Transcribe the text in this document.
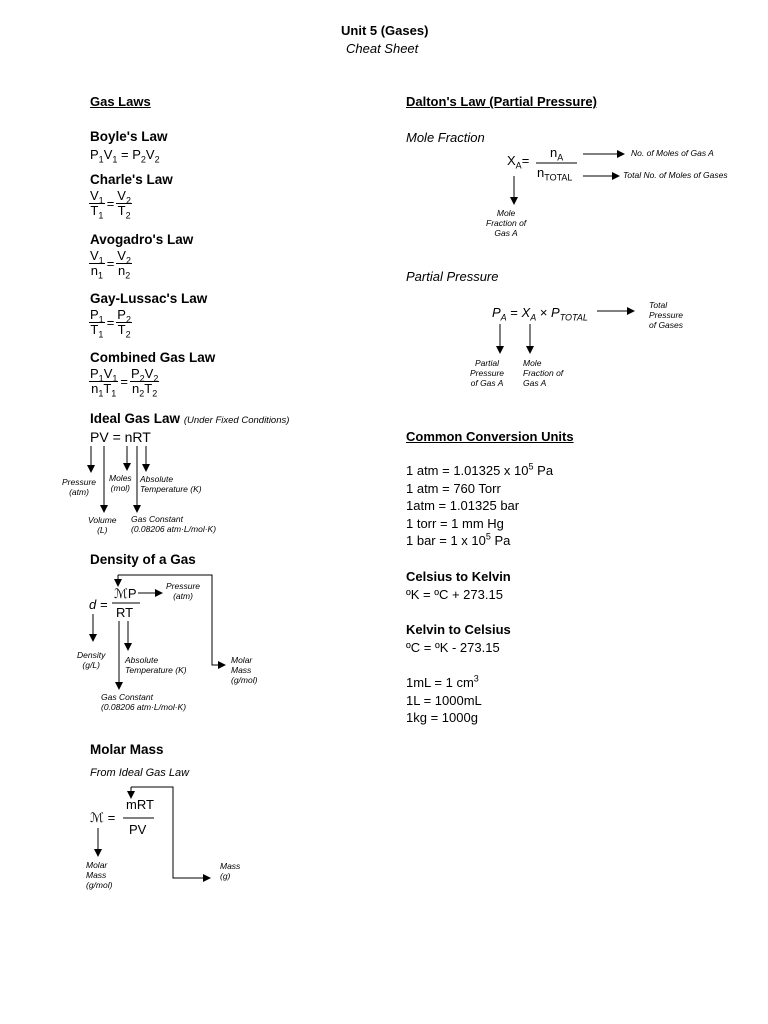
Unit 5 (Gases)
Cheat Sheet
Gas Laws
Boyle's Law
$P_1V_1 = P_2V_2$
Charle's Law
$\frac{V_1}{T_1} = \frac{V_2}{T_2}$
Avogadro's Law
$\frac{V_1}{n_1} = \frac{V_2}{n_2}$
Gay-Lussac's Law
$\frac{P_1}{T_1} = \frac{P_2}{T_2}$
Combined Gas Law
$\frac{P_1V_1}{n_1T_1} = \frac{P_2V_2}{n_2T_2}$
Ideal Gas Law (Under Fixed Conditions)
PV = nRT
Pressure
(atm)
Moles
(mol)
Absolute
Temperature (K)
Volume
(L)
Gas Constant
(0.08206 atm·L/mol·K)
Density of a Gas
d =
ℳP
RT
Pressure
(atm)
Density
(g/L)	Absolute
Temperature (K)
Molar
Mass
(g/mol)
Gas Constant
(0.08206 atm·L/mol·K)
Molar Mass
From Ideal Gas Law
ℳ =
mRT
PV
Molar
Mass
(g/mol)
Mass
(g)
Dalton's Law (Partial Pressure)
Mole Fraction
$X_A=$
$n_A$
$n_{TOTAL}$
No. of Moles of Gas A
Total No. of Moles of Gases
Mole
Fraction of
Gas A
Partial Pressure
$P_A = X_A \times P_{TOTAL}$
Total
Pressure
of Gases
Partial
Pressure
of Gas A
Mole
Fraction of
Gas A
Common Conversion Units
1 atm = 1.01325 x $10^5$ Pa
1 atm = 760 Torr
1atm = 1.01325 bar
1 torr = 1 mm Hg
1 bar = 1 x $10^5$ Pa
Celsius to Kelvin
ºK = ºC + 273.15
Kelvin to Celsius
ºC = ºK - 273.15
1mL = 1 $cm^3$
1L = 1000mL
1kg = 1000g
